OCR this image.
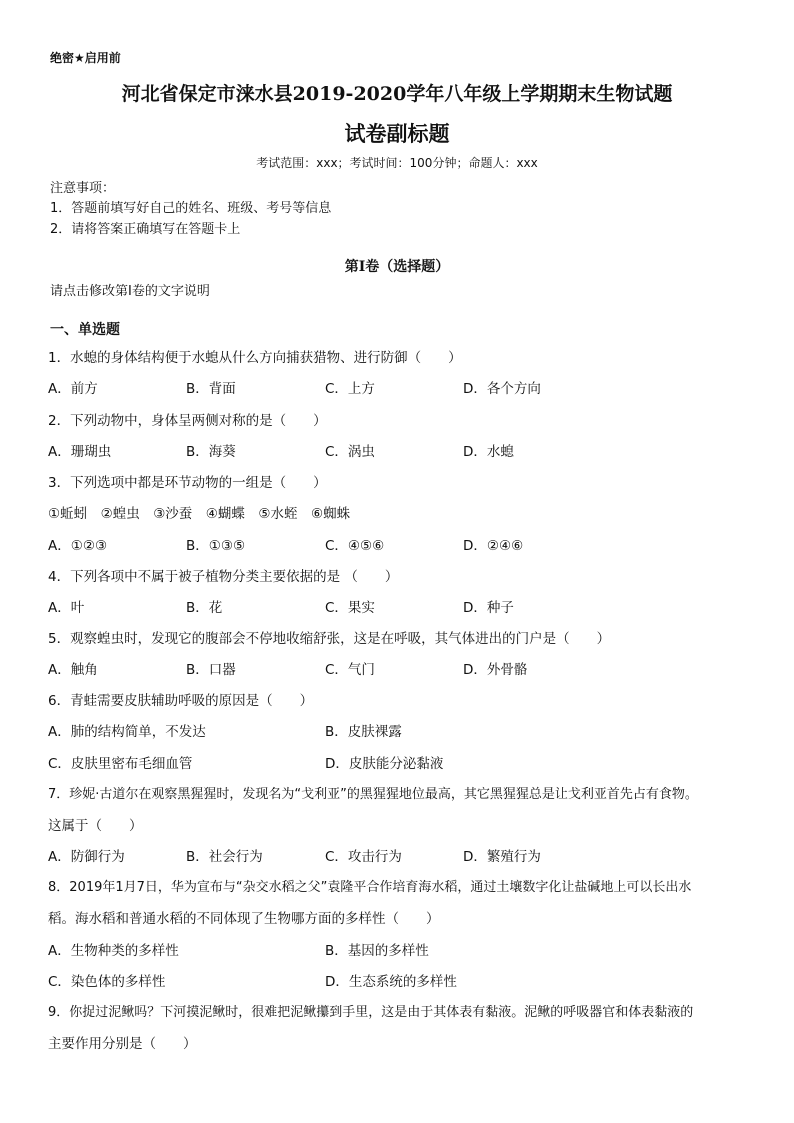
绝密★启用前
河北省保定市涞水县2019-2020学年八年级上学期期末生物试题
试卷副标题
考试范围：xxx；考试时间：100分钟；命题人：xxx
注意事项：
1．答题前填写好自己的姓名、班级、考号等信息
2．请将答案正确填写在答题卡上
第I卷（选择题）
请点击修改第I卷的文字说明
一、单选题
1．水螅的身体结构便于水螅从什么方向捕获猎物、进行防御（　　）
A．前方	B．背面	C．上方	D．各个方向
2．下列动物中，身体呈两侧对称的是（　　）
A．珊瑚虫	B．海葵	C．涡虫	D．水螅
3．下列选项中都是环节动物的一组是（　　）
①蚯蚓　②蝗虫　③沙蚕　④蝴蝶　⑤水蛭　⑥蜘蛛
A．①②③	B．①③⑤	C．④⑤⑥	D．②④⑥
4．下列各项中不属于被子植物分类主要依据的是 （　　）
A．叶	B．花	C．果实	D．种子
5．观察蝗虫时，发现它的腹部会不停地收缩舒张，这是在呼吸，其气体进出的门户是（　　）
A．触角	B．口器	C．气门	D．外骨骼
6．青蛙需要皮肤辅助呼吸的原因是（　　）
A．肺的结构简单，不发达	B．皮肤裸露
C．皮肤里密布毛细血管	D．皮肤能分泌黏液
7．珍妮·古道尔在观察黑猩猩时，发现名为“戈利亚”的黑猩猩地位最高，其它黑猩猩总是让戈利亚首先占有食物。
这属于（　　）
A．防御行为	B．社会行为	C．攻击行为	D．繁殖行为
8．2019年1月7日，华为宣布与“杂交水稻之父”袁隆平合作培育海水稻，通过土壤数字化让盐碱地上可以长出水
稻。海水稻和普通水稻的不同体现了生物哪方面的多样性（　　）
A．生物种类的多样性	B．基因的多样性
C．染色体的多样性	D．生态系统的多样性
9．你捉过泥鳅吗？下河摸泥鳅时，很难把泥鳅攥到手里，这是由于其体表有黏液。泥鳅的呼吸器官和体表黏液的
主要作用分别是（　　）
